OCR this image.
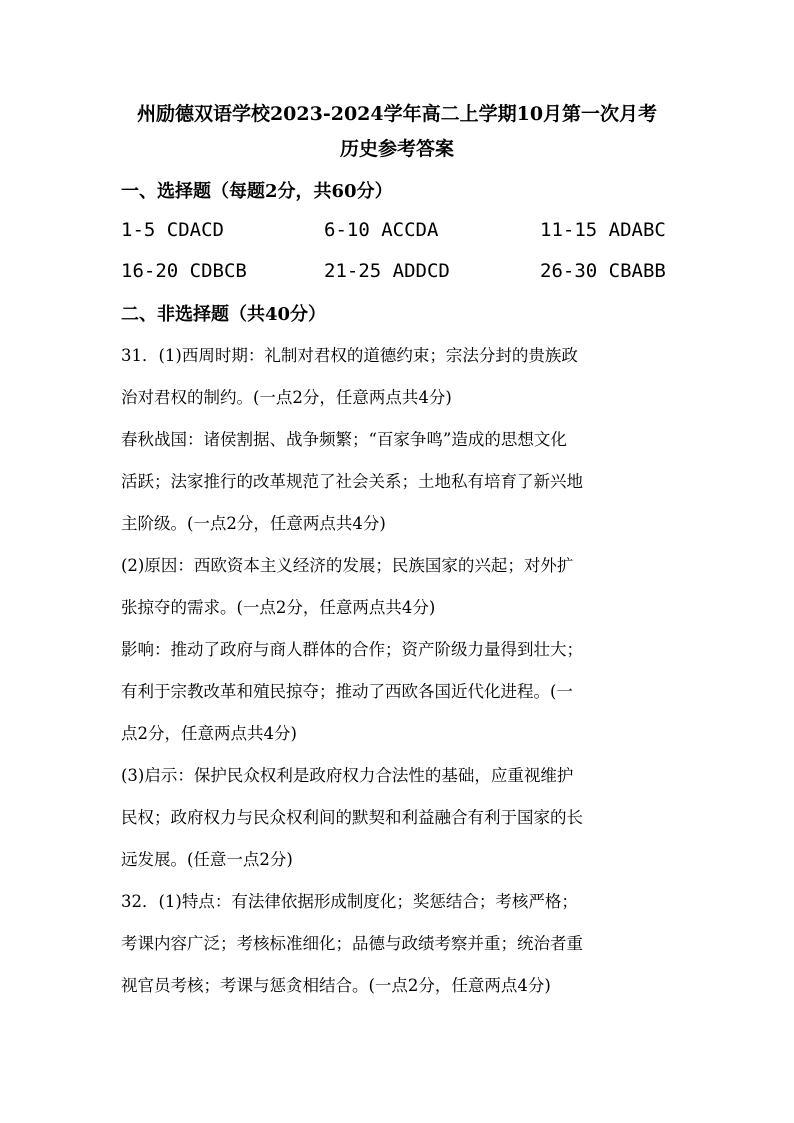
州励德双语学校2023-2024学年高二上学期10月第一次月考
历史参考答案
一、选择题（每题2分，共60分）
1-5 CDACD	6-10 ACCDA	11-15 ADABC
16-20 CDBCB	21-25 ADDCD	26-30 CBABB
二、非选择题（共40分）
31．(1)西周时期：礼制对君权的道德约束；宗法分封的贵族政
治对君权的制约。(一点2分，任意两点共4分)
春秋战国：诸侯割据、战争频繁；“百家争鸣”造成的思想文化
活跃；法家推行的改革规范了社会关系；土地私有培育了新兴地
主阶级。(一点2分，任意两点共4分)
(2)原因：西欧资本主义经济的发展；民族国家的兴起；对外扩
张掠夺的需求。(一点2分，任意两点共4分)
影响：推动了政府与商人群体的合作；资产阶级力量得到壮大；
有利于宗教改革和殖民掠夺；推动了西欧各国近代化进程。(一
点2分，任意两点共4分)
(3)启示：保护民众权利是政府权力合法性的基础，应重视维护
民权；政府权力与民众权利间的默契和利益融合有利于国家的长
远发展。(任意一点2分)
32．(1)特点：有法律依据形成制度化；奖惩结合；考核严格；
考课内容广泛；考核标准细化；品德与政绩考察并重；统治者重
视官员考核；考课与惩贪相结合。(一点2分，任意两点4分)
